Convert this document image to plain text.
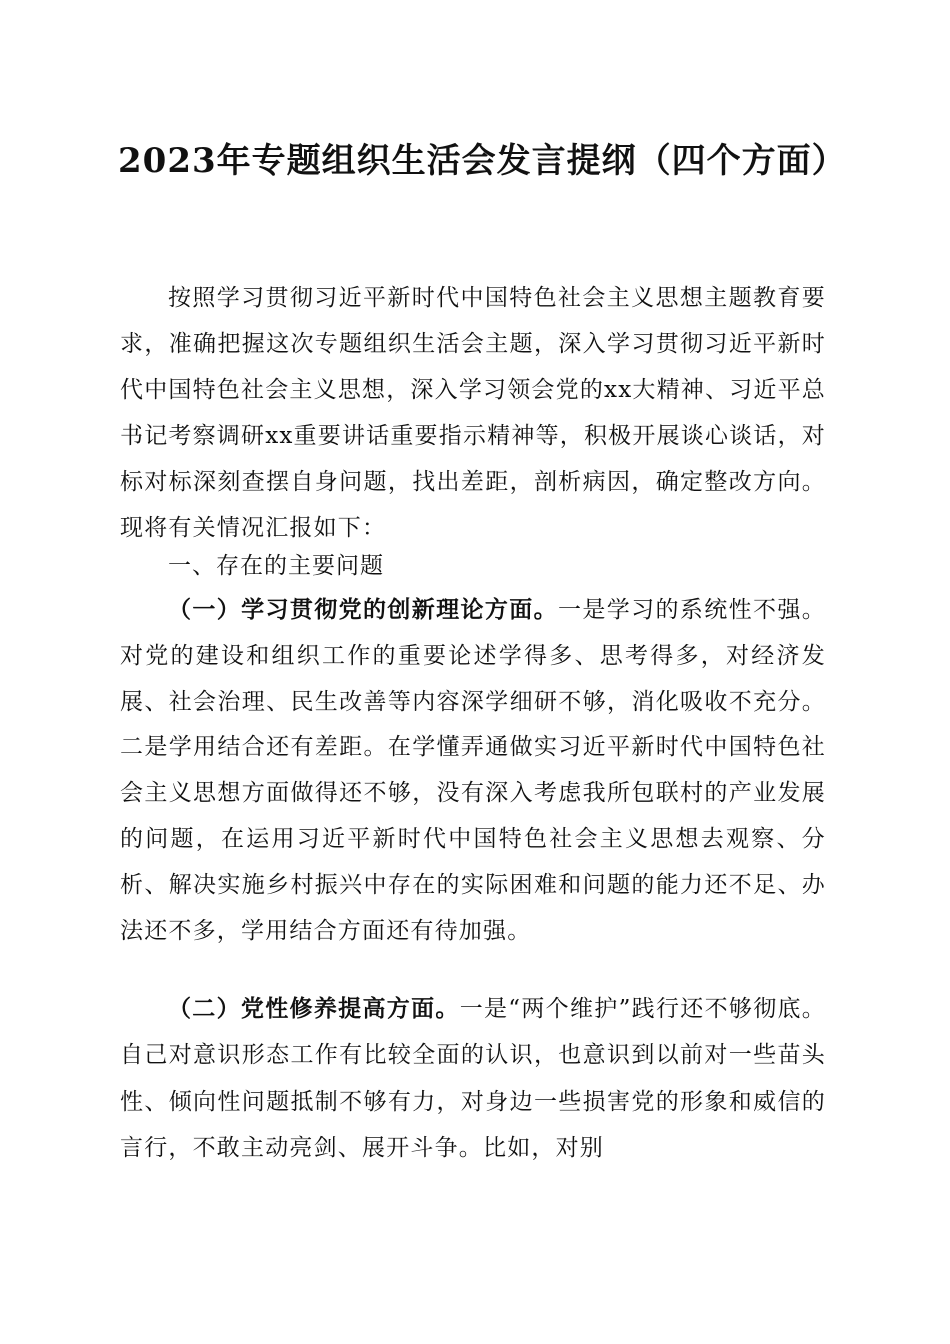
2023年专题组织生活会发言提纲（四个方面）
按照学习贯彻习近平新时代中国特色社会主义思想主题教育要求，准确把握这次专题组织生活会主题，深入学习贯彻习近平新时代中国特色社会主义思想，深入学习领会党的xx大精神、习近平总书记考察调研xx重要讲话重要指示精神等，积极开展谈心谈话，对标对标深刻查摆自身问题，找出差距，剖析病因，确定整改方向。现将有关情况汇报如下：
一、存在的主要问题
（一）学习贯彻党的创新理论方面。一是学习的系统性不强。对党的建设和组织工作的重要论述学得多、思考得多，对经济发展、社会治理、民生改善等内容深学细研不够，消化吸收不充分。二是学用结合还有差距。在学懂弄通做实习近平新时代中国特色社会主义思想方面做得还不够，没有深入考虑我所包联村的产业发展的问题，在运用习近平新时代中国特色社会主义思想去观察、分析、解决实施乡村振兴中存在的实际困难和问题的能力还不足、办法还不多，学用结合方面还有待加强。
（二）党性修养提高方面。一是“两个维护”践行还不够彻底。自己对意识形态工作有比较全面的认识，也意识到以前对一些苗头性、倾向性问题抵制不够有力，对身边一些损害党的形象和威信的言行，不敢主动亮剑、展开斗争。比如，对别
